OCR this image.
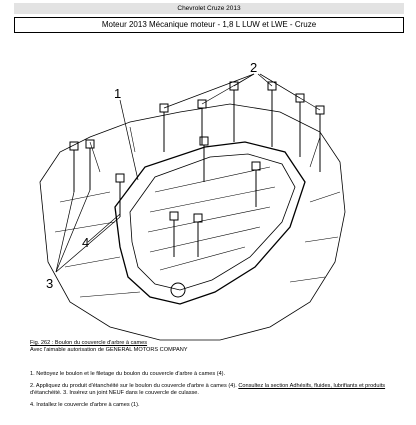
Chevrolet Cruze 2013
Moteur 2013 Mécanique moteur - 1,8 L LUW et LWE - Cruze
1
2
3
4
Fig. 262 : Boulon du couvercle d'arbre à cames
Avec l'aimable autorisation de GENERAL MOTORS COMPANY

1. Nettoyez le boulon et le filetage du boulon du couvercle d'arbre à cames (4).

2. Appliquez du produit d'étanchéité sur le boulon du couvercle d'arbre à cames (4). Consultez la section Adhésifs, fluides, lubrifiants et produits
d'étanchéité. 3. Insérez un joint NEUF dans le couvercle de culasse.

4. Installez le couvercle d'arbre à cames (1).
